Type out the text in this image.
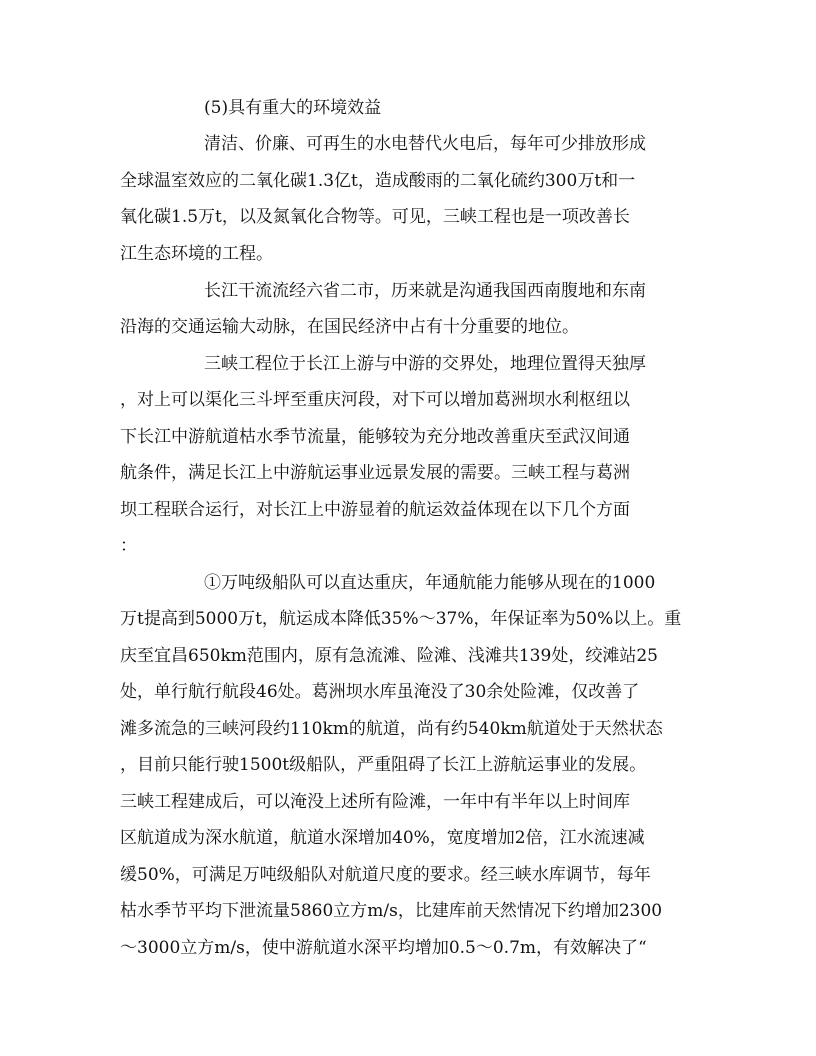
(5)具有重大的环境效益

清洁、价廉、可再生的水电替代火电后，每年可少排放形成

全球温室效应的二氧化碳1.3亿t，造成酸雨的二氧化硫约300万t和一

氧化碳1.5万t，以及氮氧化合物等。可见，三峡工程也是一项改善长

江生态环境的工程。

长江干流流经六省二市，历来就是沟通我国西南腹地和东南

沿海的交通运输大动脉，在国民经济中占有十分重要的地位。

三峡工程位于长江上游与中游的交界处，地理位置得天独厚

，对上可以渠化三斗坪至重庆河段，对下可以增加葛洲坝水利枢纽以

下长江中游航道枯水季节流量，能够较为充分地改善重庆至武汉间通

航条件，满足长江上中游航运事业远景发展的需要。三峡工程与葛洲

坝工程联合运行，对长江上中游显着的航运效益体现在以下几个方面

：

①万吨级船队可以直达重庆，年通航能力能够从现在的1000

万t提高到5000万t，航运成本降低35%～37%，年保证率为50%以上。重

庆至宜昌650km范围内，原有急流滩、险滩、浅滩共139处，绞滩站25

处，单行航行航段46处。葛洲坝水库虽淹没了30余处险滩，仅改善了

滩多流急的三峡河段约110km的航道，尚有约540km航道处于天然状态

，目前只能行驶1500t级船队，严重阻碍了长江上游航运事业的发展。

三峡工程建成后，可以淹没上述所有险滩，一年中有半年以上时间库

区航道成为深水航道，航道水深增加40%，宽度增加2倍，江水流速减

缓50%，可满足万吨级船队对航道尺度的要求。经三峡水库调节，每年

枯水季节平均下泄流量5860立方m/s，比建库前天然情况下约增加2300

～3000立方m/s，使中游航道水深平均增加0.5～0.7m，有效解决了“
